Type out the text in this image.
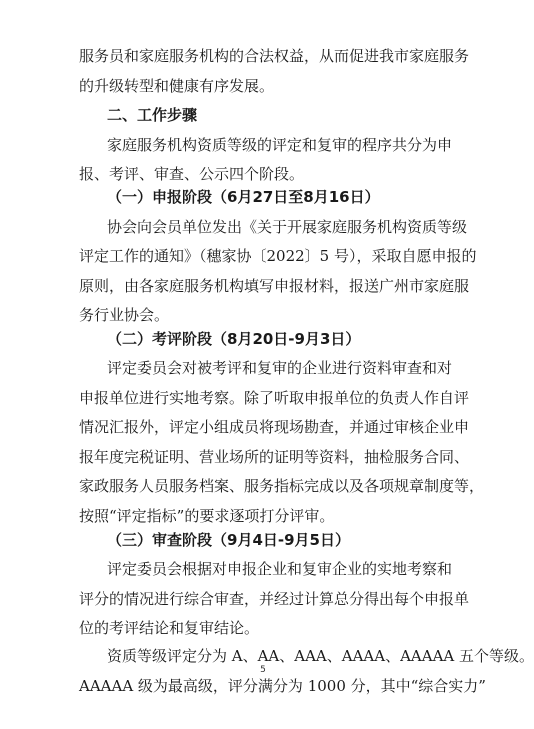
服务员和家庭服务机构的合法权益，从而促进我市家庭服务
的升级转型和健康有序发展。
二、工作步骤
家庭服务机构资质等级的评定和复审的程序共分为申
报、考评、审查、公示四个阶段。
（一）申报阶段（6月27日至8月16日）
协会向会员单位发出《关于开展家庭服务机构资质等级
评定工作的通知》（穗家协〔2022〕5 号），采取自愿申报的
原则，由各家庭服务机构填写申报材料，报送广州市家庭服
务行业协会。
（二）考评阶段（8月20日-9月3日）
评定委员会对被考评和复审的企业进行资料审查和对
申报单位进行实地考察。除了听取申报单位的负责人作自评
情况汇报外，评定小组成员将现场勘查，并通过审核企业申
报年度完税证明、营业场所的证明等资料，抽检服务合同、
家政服务人员服务档案、服务指标完成以及各项规章制度等，
按照“评定指标”的要求逐项打分评审。
（三）审查阶段（9月4日-9月5日）
评定委员会根据对申报企业和复审企业的实地考察和
评分的情况进行综合审查，并经过计算总分得出每个申报单
位的考评结论和复审结论。
资质等级评定分为 A、AA、AAA、AAAA、AAAAA 五个等级。
AAAAA 级为最高级，评分满分为 1000 分，其中“综合实力”
5
